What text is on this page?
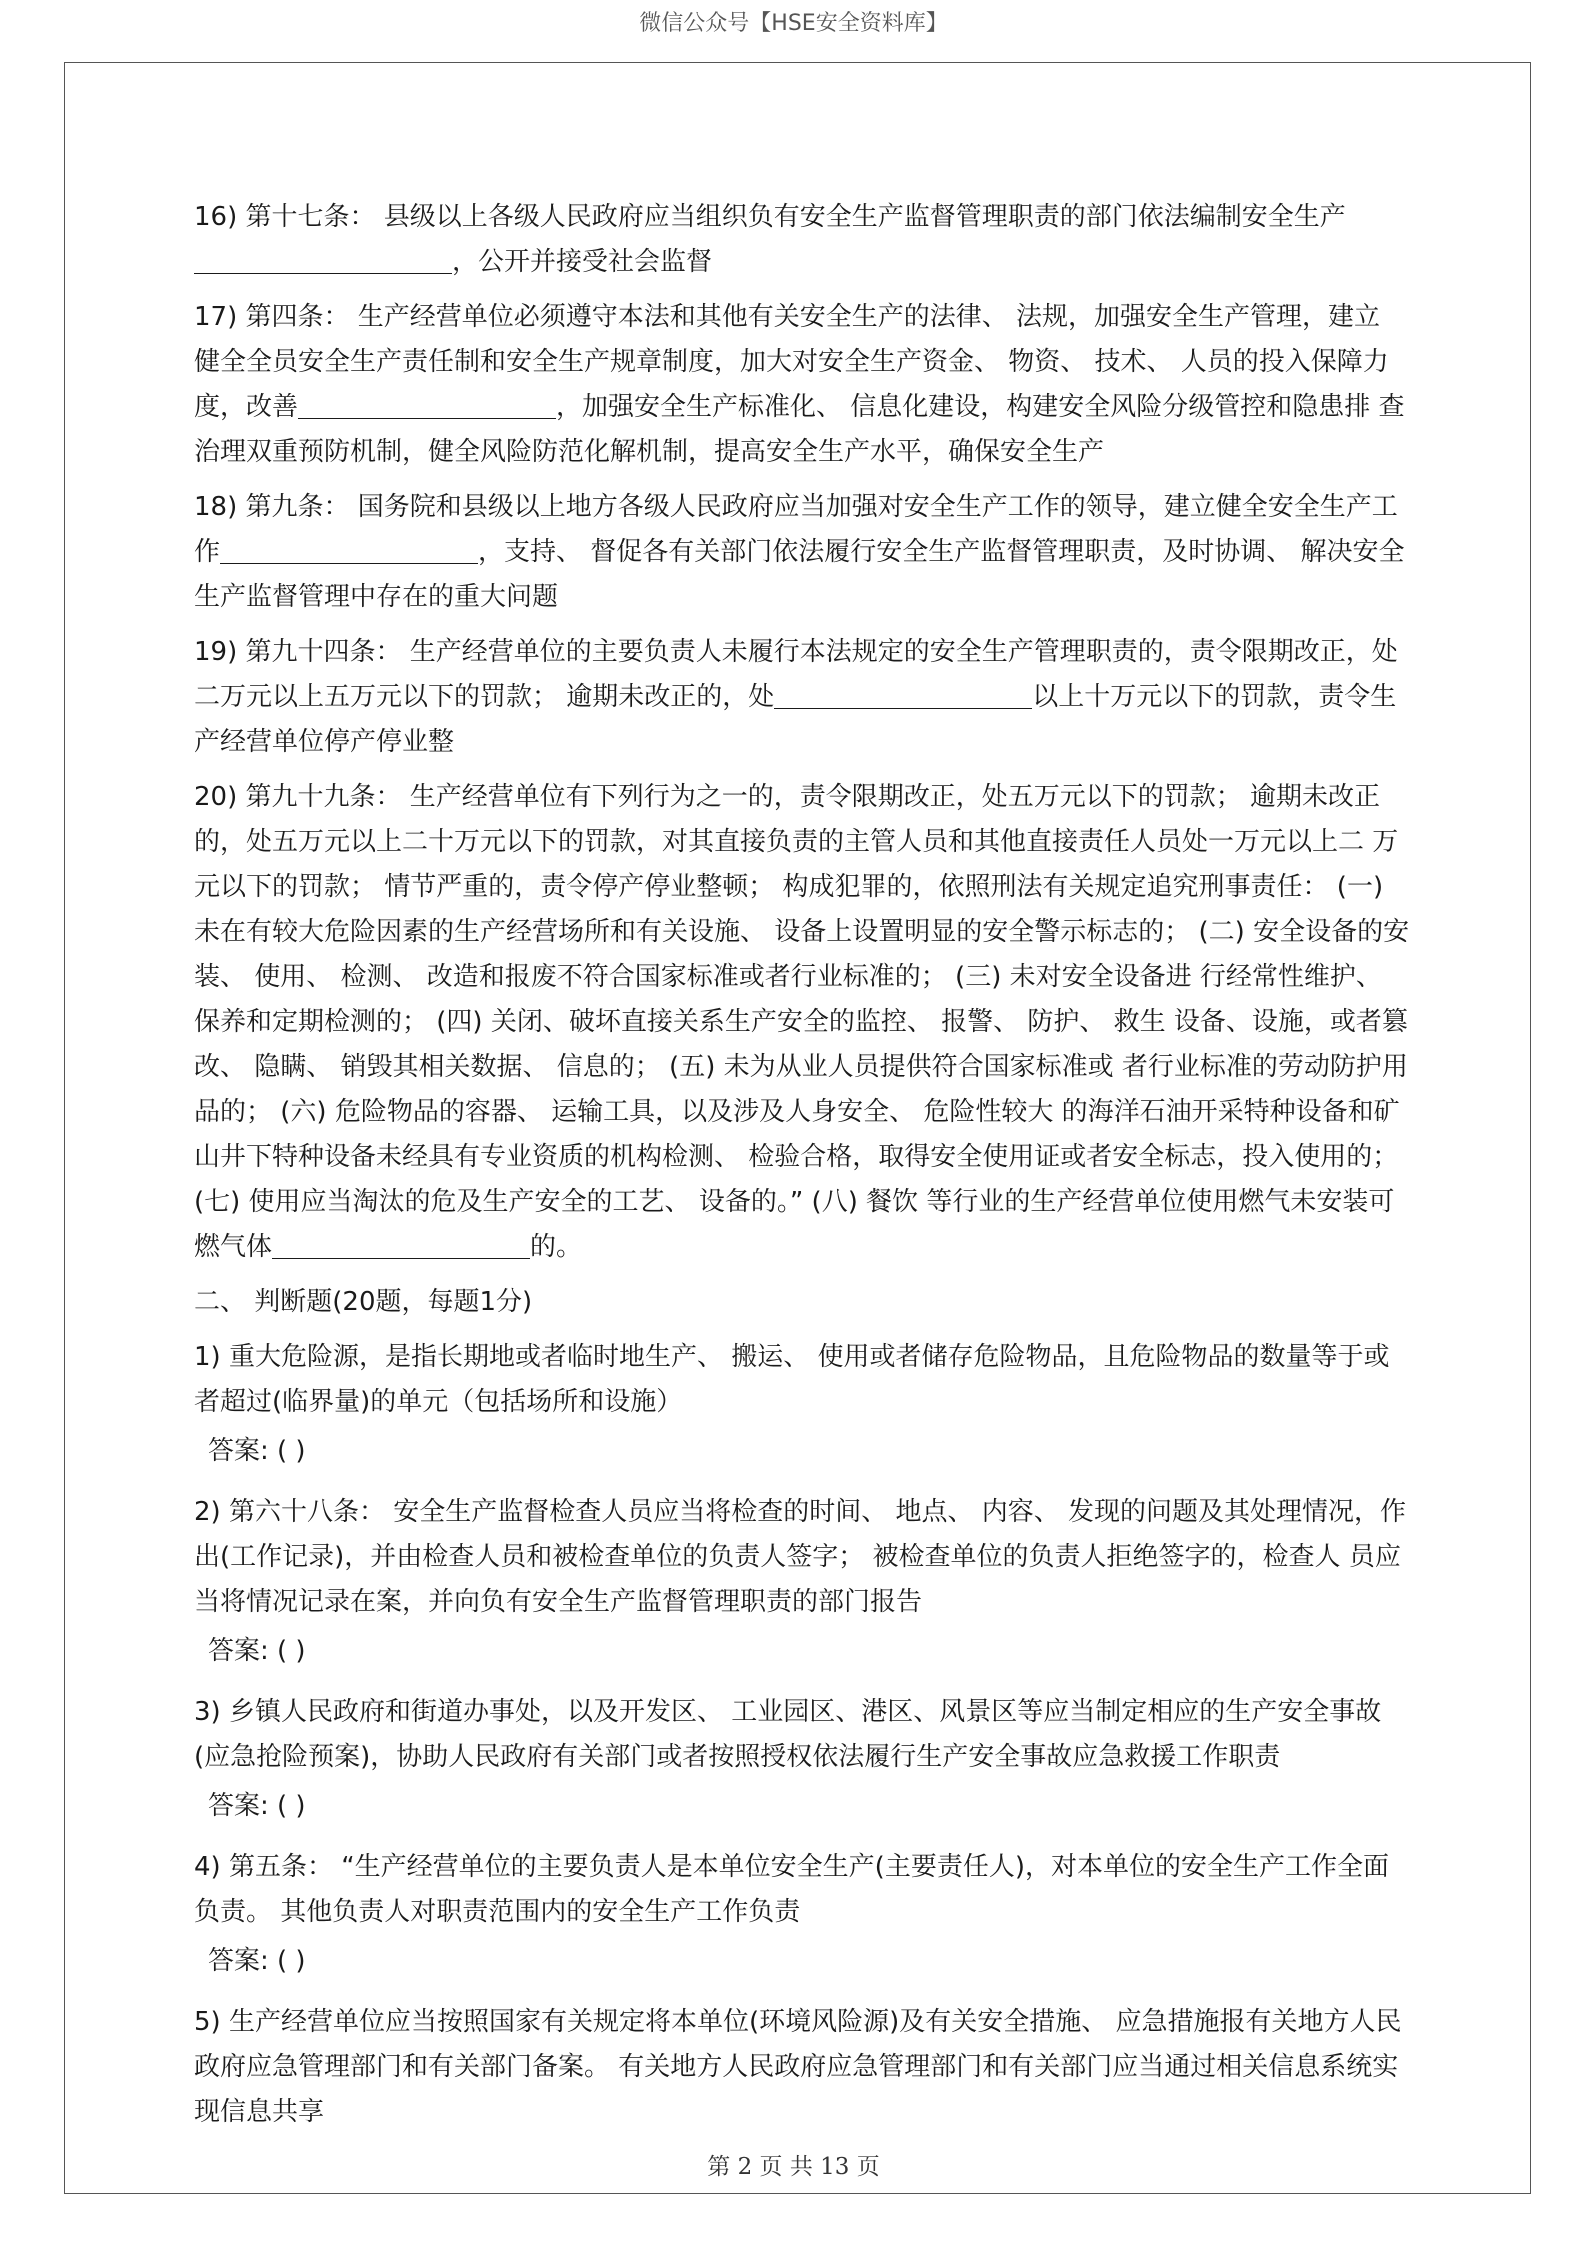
微信公众号【HSE安全资料库】

16) 第十七条： 县级以上各级人民政府应当组织负有安全生产监督管理职责的部门依法编制安全生产，公开并接受社会监督

17) 第四条： 生产经营单位必须遵守本法和其他有关安全生产的法律、 法规，加强安全生产管理，建立 健全全员安全生产责任制和安全生产规章制度，加大对安全生产资金、 物资、 技术、 人员的投入保障力 度，改善	，加强安全生产标准化、 信息化建设，构建安全风险分级管控和隐患排 查治理双重预防机制，健全风险防范化解机制，提高安全生产水平，确保安全生产

18) 第九条： 国务院和县级以上地方各级人民政府应当加强对安全生产工作的领导，建立健全安全生产工作	，支持、 督促各有关部门依法履行安全生产监督管理职责，及时协调、 解决安全生产监督管理中存在的重大问题

19) 第九十四条： 生产经营单位的主要负责人未履行本法规定的安全生产管理职责的，责令限期改正，处二万元以上五万元以下的罚款； 逾期未改正的，处	以上十万元以下的罚款，责令生产经营单位停产停业整

20) 第九十九条： 生产经营单位有下列行为之一的，责令限期改正，处五万元以下的罚款； 逾期未改正 的，处五万元以上二十万元以下的罚款，对其直接负责的主管人员和其他直接责任人员处一万元以上二 万元以下的罚款； 情节严重的，责令停产停业整顿； 构成犯罪的，依照刑法有关规定追究刑事责任： (一) 未在有较大危险因素的生产经营场所和有关设施、 设备上设置明显的安全警示标志的； (二) 安全设备的安装、 使用、 检测、 改造和报废不符合国家标准或者行业标准的； (三) 未对安全设备进 行经常性维护、 保养和定期检测的； (四) 关闭、破坏直接关系生产安全的监控、 报警、 防护、 救生 设备、设施，或者篡改、 隐瞒、 销毁其相关数据、 信息的； (五) 未为从业人员提供符合国家标准或 者行业标准的劳动防护用品的； (六) 危险物品的容器、 运输工具，以及涉及人身安全、 危险性较大 的海洋石油开采特种设备和矿山井下特种设备未经具有专业资质的机构检测、 检验合格，取得安全使用证或者安全标志，投入使用的； (七) 使用应当淘汰的危及生产安全的工艺、 设备的。” (八) 餐饮 等行业的生产经营单位使用燃气未安装可燃气体	的。

二、 判断题(20题，每题1分)

1) 重大危险源，是指长期地或者临时地生产、 搬运、 使用或者储存危险物品，且危险物品的数量等于或者超过(临界量)的单元（包括场所和设施）

答案: ( )

2) 第六十八条： 安全生产监督检查人员应当将检查的时间、 地点、 内容、 发现的问题及其处理情况，作出(工作记录)，并由检查人员和被检查单位的负责人签字； 被检查单位的负责人拒绝签字的，检查人 员应当将情况记录在案，并向负有安全生产监督管理职责的部门报告

答案: ( )

3) 乡镇人民政府和街道办事处，以及开发区、 工业园区、港区、风景区等应当制定相应的生产安全事故(应急抢险预案)，协助人民政府有关部门或者按照授权依法履行生产安全事故应急救援工作职责

答案: ( )

4) 第五条： “生产经营单位的主要负责人是本单位安全生产(主要责任人)，对本单位的安全生产工作全面负责。 其他负责人对职责范围内的安全生产工作负责

答案: ( )

5) 生产经营单位应当按照国家有关规定将本单位(环境风险源)及有关安全措施、 应急措施报有关地方人民政府应急管理部门和有关部门备案。 有关地方人民政府应急管理部门和有关部门应当通过相关信息系统实现信息共享

第 2 页 共 13 页
